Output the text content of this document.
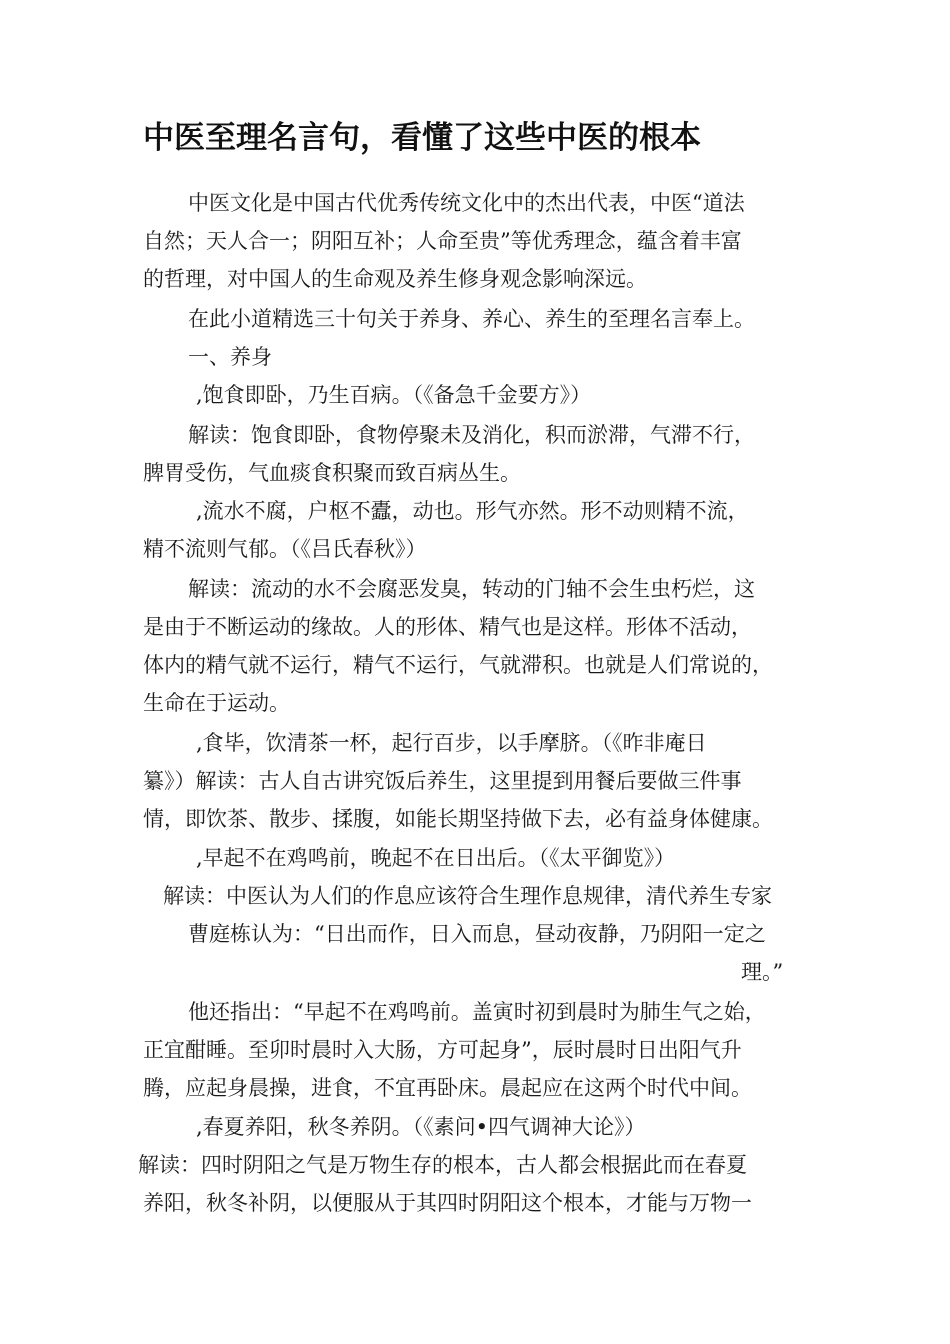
中医至理名言句，看懂了这些中医的根本
中医文化是中国古代优秀传统文化中的杰出代表，中医“道法
自然；天人合一；阴阳互补；人命至贵”等优秀理念，蕴含着丰富
的哲理，对中国人的生命观及养生修身观念影响深远。
在此小道精选三十句关于养身、养心、养生的至理名言奉上。
一、养身
,饱食即卧，乃生百病。（《备急千金要方》）
解读：饱食即卧，食物停聚未及消化，积而淤滞，气滞不行，
脾胃受伤，气血痰食积聚而致百病丛生。
,流水不腐，户枢不蠹，动也。形气亦然。形不动则精不流，
精不流则气郁。（《吕氏春秋》）
解读：流动的水不会腐恶发臭，转动的门轴不会生虫朽烂，这
是由于不断运动的缘故。人的形体、精气也是这样。形体不活动，
体内的精气就不运行，精气不运行，气就滞积。也就是人们常说的，
生命在于运动。
,食毕，饮清茶一杯，起行百步，以手摩脐。（《昨非庵日
纂》）解读：古人自古讲究饭后养生，这里提到用餐后要做三件事
情，即饮茶、散步、揉腹，如能长期坚持做下去，必有益身体健康。
,早起不在鸡鸣前，晚起不在日出后。（《太平御览》）
解读：中医认为人们的作息应该符合生理作息规律，清代养生专家
曹庭栋认为：“日出而作，日入而息，昼动夜静，乃阴阳一定之
理。”
他还指出：“早起不在鸡鸣前。盖寅时初到晨时为肺生气之始，
正宜酣睡。至卯时晨时入大肠，方可起身”，辰时晨时日出阳气升
腾，应起身晨操，进食，不宜再卧床。晨起应在这两个时代中间。
,春夏养阳，秋冬养阴。（《素问•四气调神大论》）
解读：四时阴阳之气是万物生存的根本，古人都会根据此而在春夏
养阳，秋冬补阴，以便服从于其四时阴阳这个根本，才能与万物一
